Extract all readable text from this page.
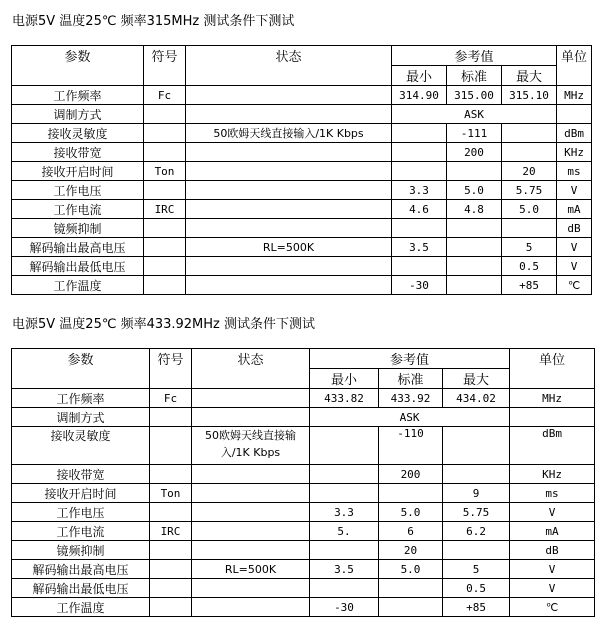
电源5V 温度25℃ 频率315MHz 测试条件下测试
参数	符号	状态	参考值			单位
			最小	标准	最大	
工作频率	Fc		314.90	315.00	315.10	MHz
调制方式			ASK			
接收灵敏度		50欧姆天线直接输入/1K Kbps		-111		dBm
接收带宽				200		KHz
接收开启时间	Ton				20	ms
工作电压			3.3	5.0	5.75	V
工作电流	IRC		4.6	4.8	5.0	mA
镜频抑制						dB
解码输出最高电压		RL=500K	3.5		5	V
解码输出最低电压					0.5	V
工作温度			-30		+85	℃
电源5V 温度25℃ 频率433.92MHz 测试条件下测试
参数	符号	状态	参考值			单位
			最小	标准	最大	
工作频率	Fc		433.82	433.92	434.02	MHz
调制方式			ASK			
接收灵敏度		50欧姆天线直接输入/1K Kbps		-110		dBm
接收带宽				200		KHz
接收开启时间	Ton				9	ms
工作电压			3.3	5.0	5.75	V
工作电流	IRC		5.	6	6.2	mA
镜频抑制				20		dB
解码输出最高电压		RL=500K	3.5	5.0	5	V
解码输出最低电压					0.5	V
工作温度			-30		+85	℃
